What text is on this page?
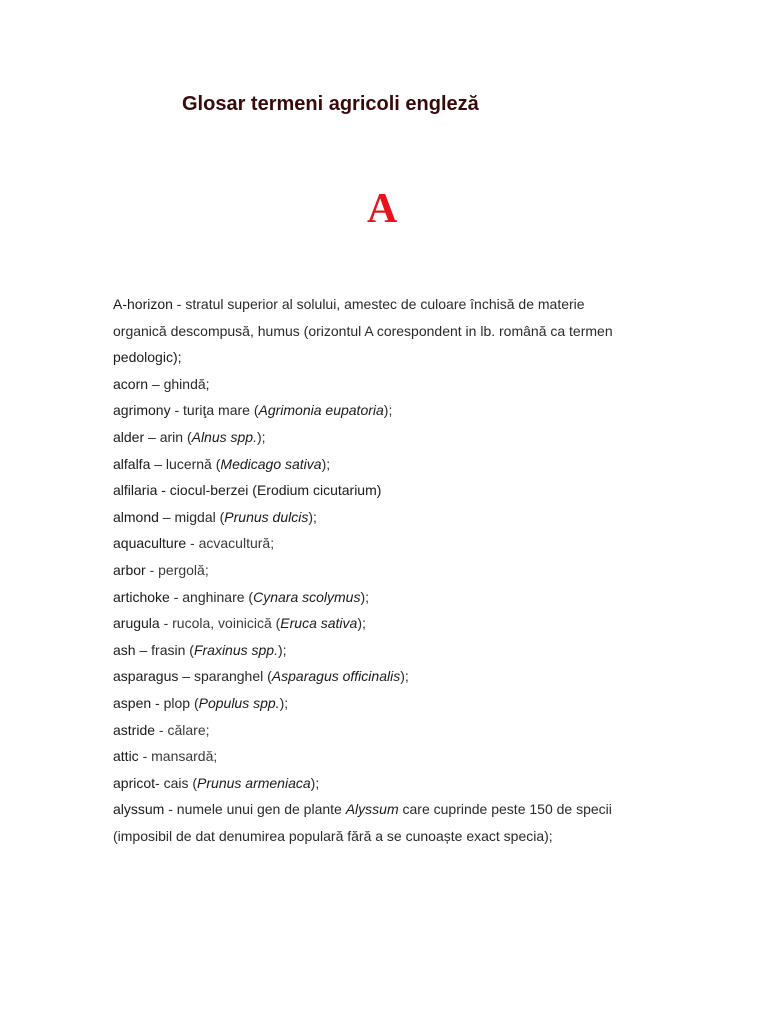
Glosar termeni agricoli engleză
A

A-horizon - stratul superior al solului, amestec de culoare închisă de materie

organică descompusă, humus (orizontul A corespondent in lb. română ca termen

pedologic);

acorn – ghindă;

agrimony - turiţa mare (Agrimonia eupatoria);

alder – arin (Alnus spp.);

alfalfa – lucernă (Medicago sativa);

alfilaria - ciocul-berzei (Erodium cicutarium)

almond – migdal (Prunus dulcis);

aquaculture - acvacultură;

arbor - pergolă;

artichoke - anghinare (Cynara scolymus);

arugula - rucola, voinicică (Eruca sativa);

ash – frasin (Fraxinus spp.);

asparagus – sparanghel (Asparagus officinalis);

aspen - plop (Populus spp.);

astride - călare;

attic - mansardă;

apricot- cais (Prunus armeniaca);

alyssum - numele unui gen de plante Alyssum care cuprinde peste 150 de specii

(imposibil de dat denumirea populară fără a se cunoaște exact specia);
